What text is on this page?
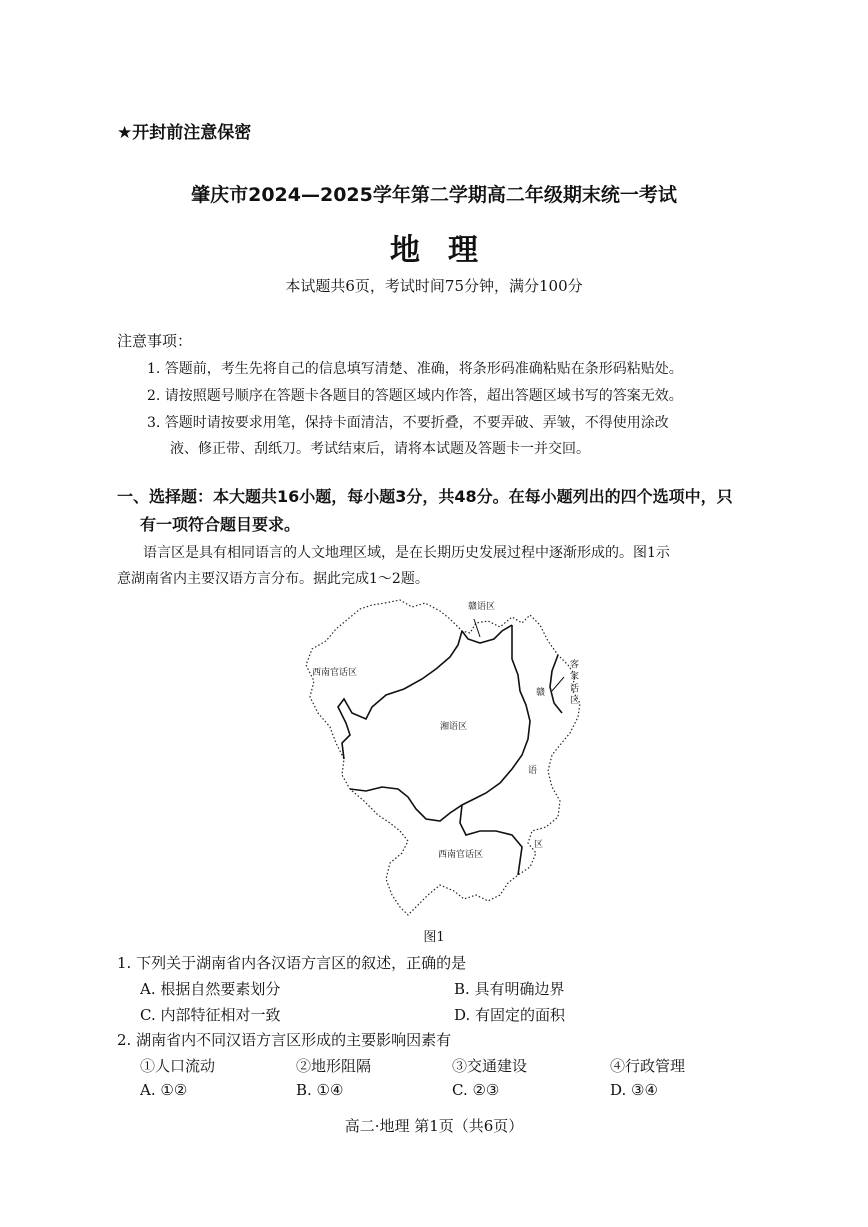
★开封前注意保密
肇庆市2024—2025学年第二学期高二年级期末统一考试
地理
本试题共6页，考试时间75分钟，满分100分
注意事项：
1. 答题前，考生先将自己的信息填写清楚、准确，将条形码准确粘贴在条形码粘贴处。
2. 请按照题号顺序在答题卡各题目的答题区域内作答，超出答题区域书写的答案无效。
3. 答题时请按要求用笔，保持卡面清洁，不要折叠，不要弄破、弄皱，不得使用涂改
液、修正带、刮纸刀。考试结束后，请将本试题及答题卡一并交回。
一、选择题：本大题共16小题，每小题3分，共48分。在每小题列出的四个选项中，只
有一项符合题目要求。
语言区是具有相同语言的人文地理区域，是在长期历史发展过程中逐渐形成的。图1示
意湖南省内主要汉语方言分布。据此完成1～2题。
赣语区
西南官话区
湘语区
客
家
话
区
赣
语
区
西南官话区
图1
1. 下列关于湖南省内各汉语方言区的叙述，正确的是
A. 根据自然要素划分	B. 具有明确边界
C. 内部特征相对一致	D. 有固定的面积
2. 湖南省内不同汉语方言区形成的主要影响因素有
①人口流动	②地形阻隔	③交通建设	④行政管理
A. ①②	B. ①④	C. ②③	D. ③④
高二·地理 第1页（共6页）
